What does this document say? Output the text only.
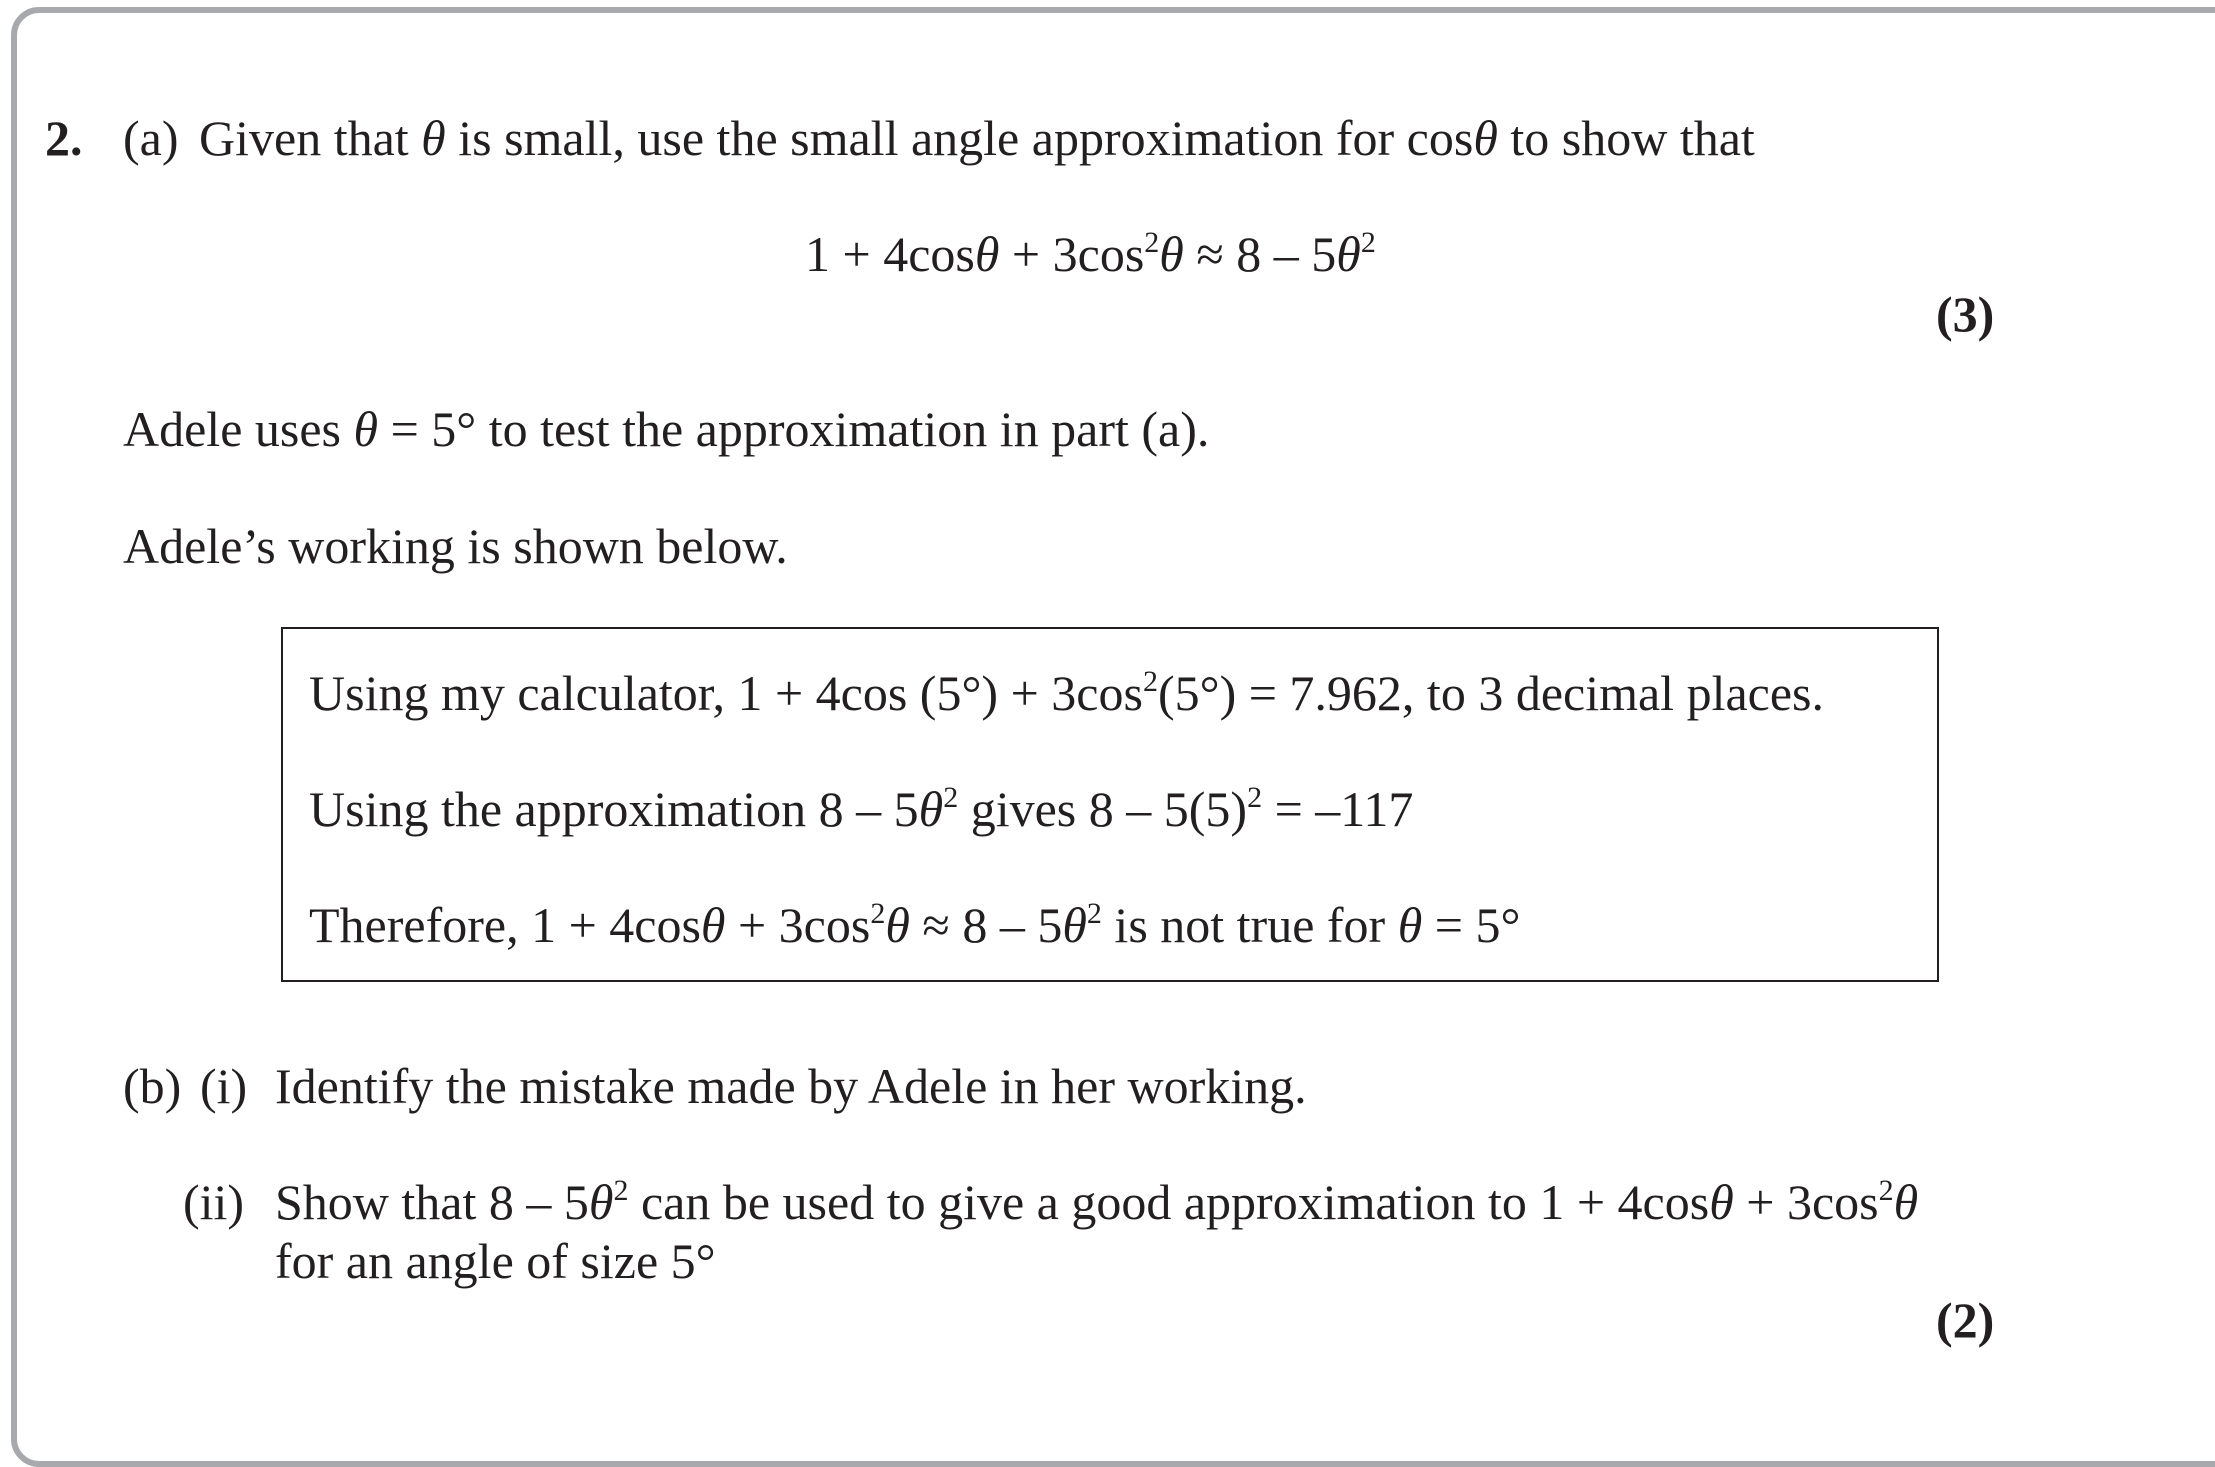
2. (a) Given that θ is small, use the small angle approximation for cosθ to show that
$1 + 4\cos\theta + 3\cos^2\theta \approx 8 - 5\theta^2$
(3)
Adele uses θ = 5° to test the approximation in part (a).
Adele’s working is shown below.
Using my calculator, 1 + 4cos $(5^\circ) + 3\cos^2(5^\circ) = 7.962$, to 3 decimal places.
Using the approximation $8 - 5\theta^2$ gives $8 - 5(5)^2 = -117$
Therefore, $1 + 4\cos\theta + 3\cos^2\theta \approx 8 - 5\theta^2$ is not true for θ = 5°
(b) (i) Identify the mistake made by Adele in her working.
(ii) Show that $8 - 5\theta^2$ can be used to give a good approximation to $1 + 4\cos\theta + 3\cos^2\theta$
for an angle of size 5°
(2)
